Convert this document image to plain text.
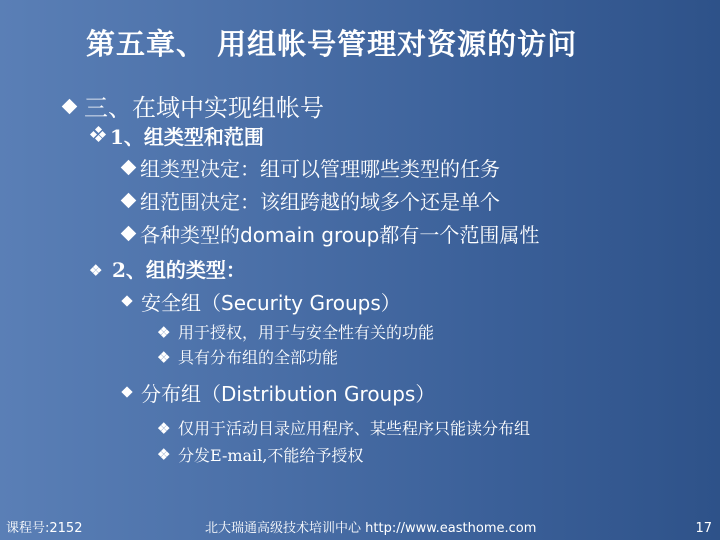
第五章、 用组帐号管理对资源的访问
三、在域中实现组帐号
1、组类型和范围
组类型决定：组可以管理哪些类型的任务
组范围决定：该组跨越的域多个还是单个
各种类型的domain group都有一个范围属性
2、组的类型：
安全组（Security Groups）
用于授权，用于与安全性有关的功能
具有分布组的全部功能
分布组（Distribution Groups）
仅用于活动目录应用程序、某些程序只能读分布组
分发E-mail,不能给予授权
课程号:2152	北大瑞通高级技术培训中心 http://www.easthome.com	17
